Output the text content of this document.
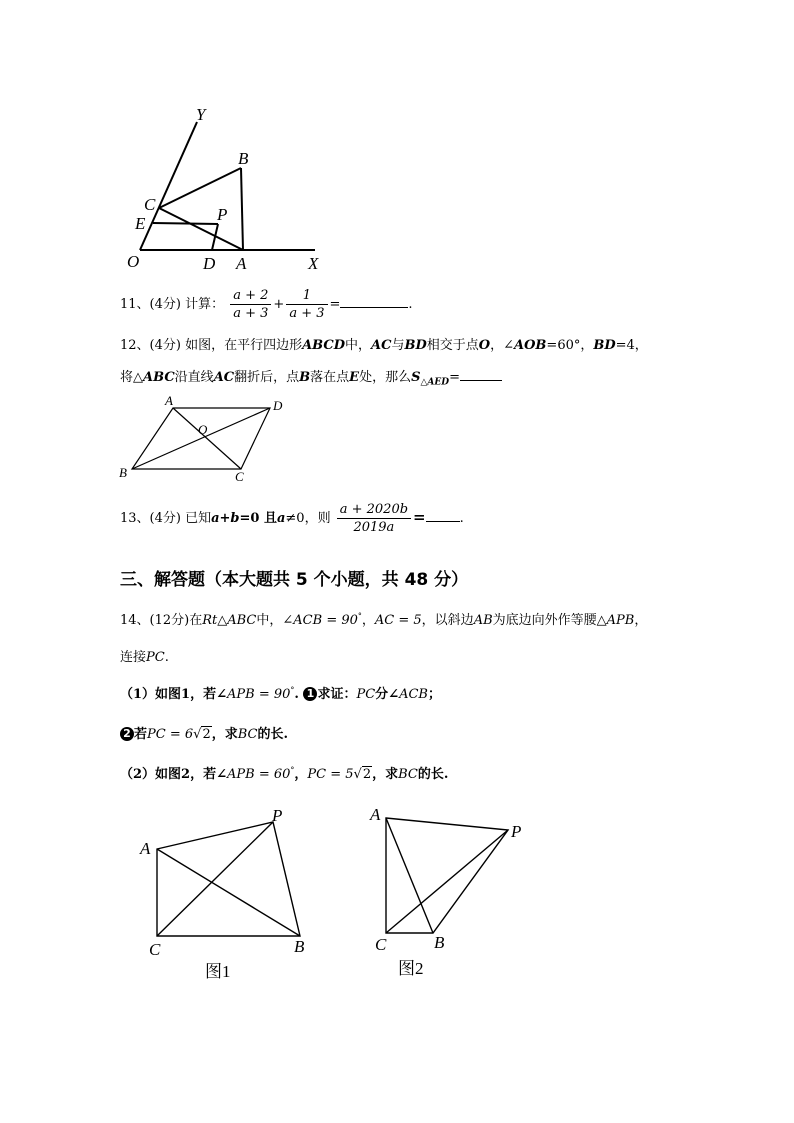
Y
B
C
E	P
O	D A	X
11、(4分) 计算： $\frac{a + 2}{a + 3} + \frac{1}{a + 3}$ =	.
12、(4分) 如图，在平行四边形ABCD中，AC与BD相交于点O，∠AOB=60°，BD=4，
将△ABC沿直线AC翻折后，点B落在点E处，那么$S_{\triangle AED}=$
A	D
O
B	C
13、(4分) 已知a+b=0 且a≠0，则 $\frac{a + 2020b}{2019a}$ =	.
三、解答题（本大题共 5 个小题，共 48 分）
14、(12分)在Rt△ABC中，∠ACB = 90°，AC = 5，以斜边AB为底边向外作等腰△APB，
连接PC.
（1）如图1，若∠APB = 90°. 1 求证：PC分∠ACB；
2 若PC = 6√2，求BC的长.
（2）如图2，若∠APB = 60°，PC = 5√2，求BC的长.
A
P
C	B
图1
A
P
C	B
图2
